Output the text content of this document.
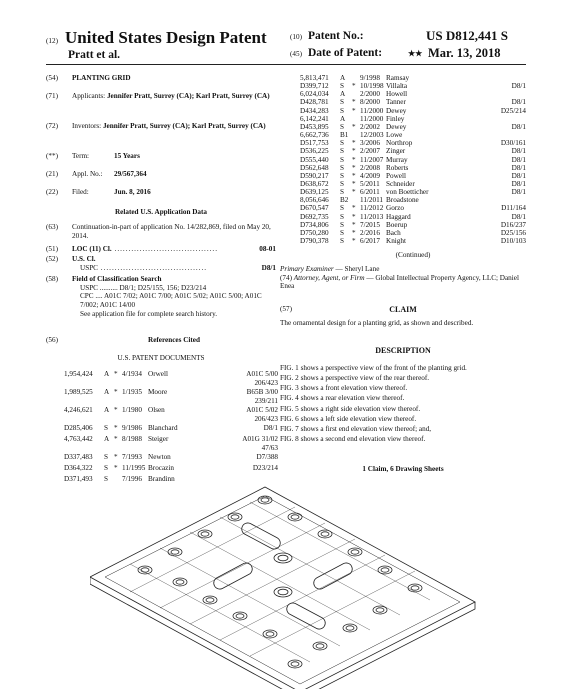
(12) United States Design Patent
Pratt et al.
(10) Patent No.:	US D812,441 S
(45) Date of Patent:	★★ Mar. 13, 2018
(54)	PLANTING GRID
(71)	Applicants: Jennifer Pratt, Surrey (CA); Karl Pratt, Surrey (CA)
(72)	Inventors: Jennifer Pratt, Surrey (CA); Karl Pratt, Surrey (CA)
(**)	Term:	15 Years
(21)	Appl. No.: 29/567,364
(22)	Filed:	Jun. 8, 2016
Related U.S. Application Data
(63)	Continuation-in-part of application No. 14/282,869, filed on May 20, 2014.
(51)	LOC (11) Cl. .....................................	08-01
(52)	U.S. Cl.
USPC ......................................	D8/1
(58)	Field of Classification Search

USPC .......... D8/1; D25/155, 156; D23/214
CPC .... A01C 7/02; A01C 7/00; A01C 5/02; A01C 5/00; A01C 7/002; A01C 14/00
See application file for complete search history.
(56)	References Cited
U.S. PATENT DOCUMENTS
1,954,424 A * 4/1934 Orwell	A01C 5/00
206/423
1,989,525 A * 1/1935 Moore	B65B 3/00
239/211
4,246,621 A * 1/1980 Olsen	A01C 5/02
206/423
D285,406 S * 9/1986 Blanchard	D8/1
4,763,442 A * 8/1988 Steiger	A01G 31/02
47/63
D337,483 S * 7/1993 Newton	D7/388
D364,322 S * 11/1995 Brocazin	D23/214
D371,493 S 7/1996 Brandinn
5,813,471 A 9/1998 Ramsay
D399,712 S * 10/1998 Villalta	D8/1
6,024,034 A 2/2000 Howell
D428,781 S * 8/2000 Tanner	D8/1
D434,283 S * 11/2000 Dewey	D25/214
6,142,241 A 11/2000 Finley
D453,895 S * 2/2002 Dewey	D8/1
6,662,736 B1 12/2003 Lowe
D517,753 S * 3/2006 Northrop	D30/161
D536,225 S * 2/2007 Zinger	D8/1
D555,440 S * 11/2007 Murray	D8/1
D562,648 S * 2/2008 Roberts	D8/1
D590,217 S * 4/2009 Powell	D8/1
D638,672 S * 5/2011 Schneider	D8/1
D639,125 S * 6/2011 von Boetticher	D8/1
8,056,646 B2 11/2011 Broadstone
D670,547 S * 11/2012 Gorzo	D11/164
D692,735 S * 11/2013 Haggard	D8/1
D734,806 S * 7/2015 Boerup	D16/237
D750,280 S * 2/2016 Bach	D25/156
D790,378 S * 6/2017 Knight	D10/103
(Continued)
Primary Examiner — Sheryl Lane
(74) Attorney, Agent, or Firm — Global Intellectual Property Agency, LLC; Daniel Enea
(57)	CLAIM
The ornamental design for a planting grid, as shown and described.
DESCRIPTION

FIG. 1 shows a perspective view of the front of the planting grid.

FIG. 2 shows a perspective view of the rear thereof.

FIG. 3 shows a front elevation view thereof.

FIG. 4 shows a rear elevation view thereof.

FIG. 5 shows a right side elevation view thereof.

FIG. 6 shows a left side elevation view thereof.

FIG. 7 shows a first end elevation view thereof; and,

FIG. 8 shows a second end elevation view thereof.

1 Claim, 6 Drawing Sheets
